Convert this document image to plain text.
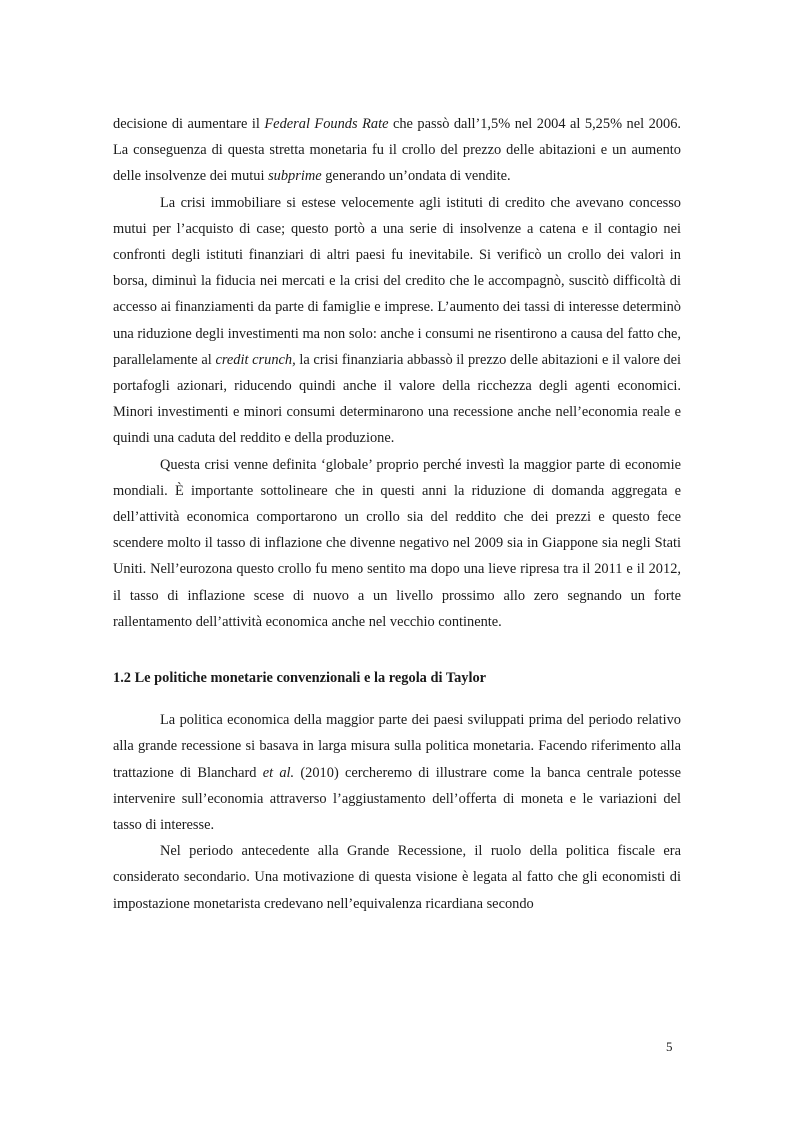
decisione di aumentare il Federal Founds Rate che passò dall’1,5% nel 2004 al 5,25% nel 2006. La conseguenza di questa stretta monetaria fu il crollo del prezzo delle abitazioni e un aumento delle insolvenze dei mutui subprime generando un’ondata di vendite.

La crisi immobiliare si estese velocemente agli istituti di credito che avevano concesso mutui per l’acquisto di case; questo portò a una serie di insolvenze a catena e il contagio nei confronti degli istituti finanziari di altri paesi fu inevitabile. Si verificò un crollo dei valori in borsa, diminuì la fiducia nei mercati e la crisi del credito che le accompagnò, suscitò difficoltà di accesso ai finanziamenti da parte di famiglie e imprese. L’aumento dei tassi di interesse determinò una riduzione degli investimenti ma non solo: anche i consumi ne risentirono a causa del fatto che, parallelamente al credit crunch, la crisi finanziaria abbassò il prezzo delle abitazioni e il valore dei portafogli azionari, riducendo quindi anche il valore della ricchezza degli agenti economici. Minori investimenti e minori consumi determinarono una recessione anche nell’economia reale e quindi una caduta del reddito e della produzione.

Questa crisi venne definita ‘globale’ proprio perché investì la maggior parte di economie mondiali. È importante sottolineare che in questi anni la riduzione di domanda aggregata e dell’attività economica comportarono un crollo sia del reddito che dei prezzi e questo fece scendere molto il tasso di inflazione che divenne negativo nel 2009 sia in Giappone sia negli Stati Uniti. Nell’eurozona questo crollo fu meno sentito ma dopo una lieve ripresa tra il 2011 e il 2012, il tasso di inflazione scese di nuovo a un livello prossimo allo zero segnando un forte rallentamento dell’attività economica anche nel vecchio continente.

1.2 Le politiche monetarie convenzionali e la regola di Taylor

La politica economica della maggior parte dei paesi sviluppati prima del periodo relativo alla grande recessione si basava in larga misura sulla politica monetaria. Facendo riferimento alla trattazione di Blanchard et al. (2010) cercheremo di illustrare come la banca centrale potesse intervenire sull’economia attraverso l’aggiustamento dell’offerta di moneta e le variazioni del tasso di interesse.

Nel periodo antecedente alla Grande Recessione, il ruolo della politica fiscale era considerato secondario. Una motivazione di questa visione è legata al fatto che gli economisti di impostazione monetarista credevano nell’equivalenza ricardiana secondo

5
